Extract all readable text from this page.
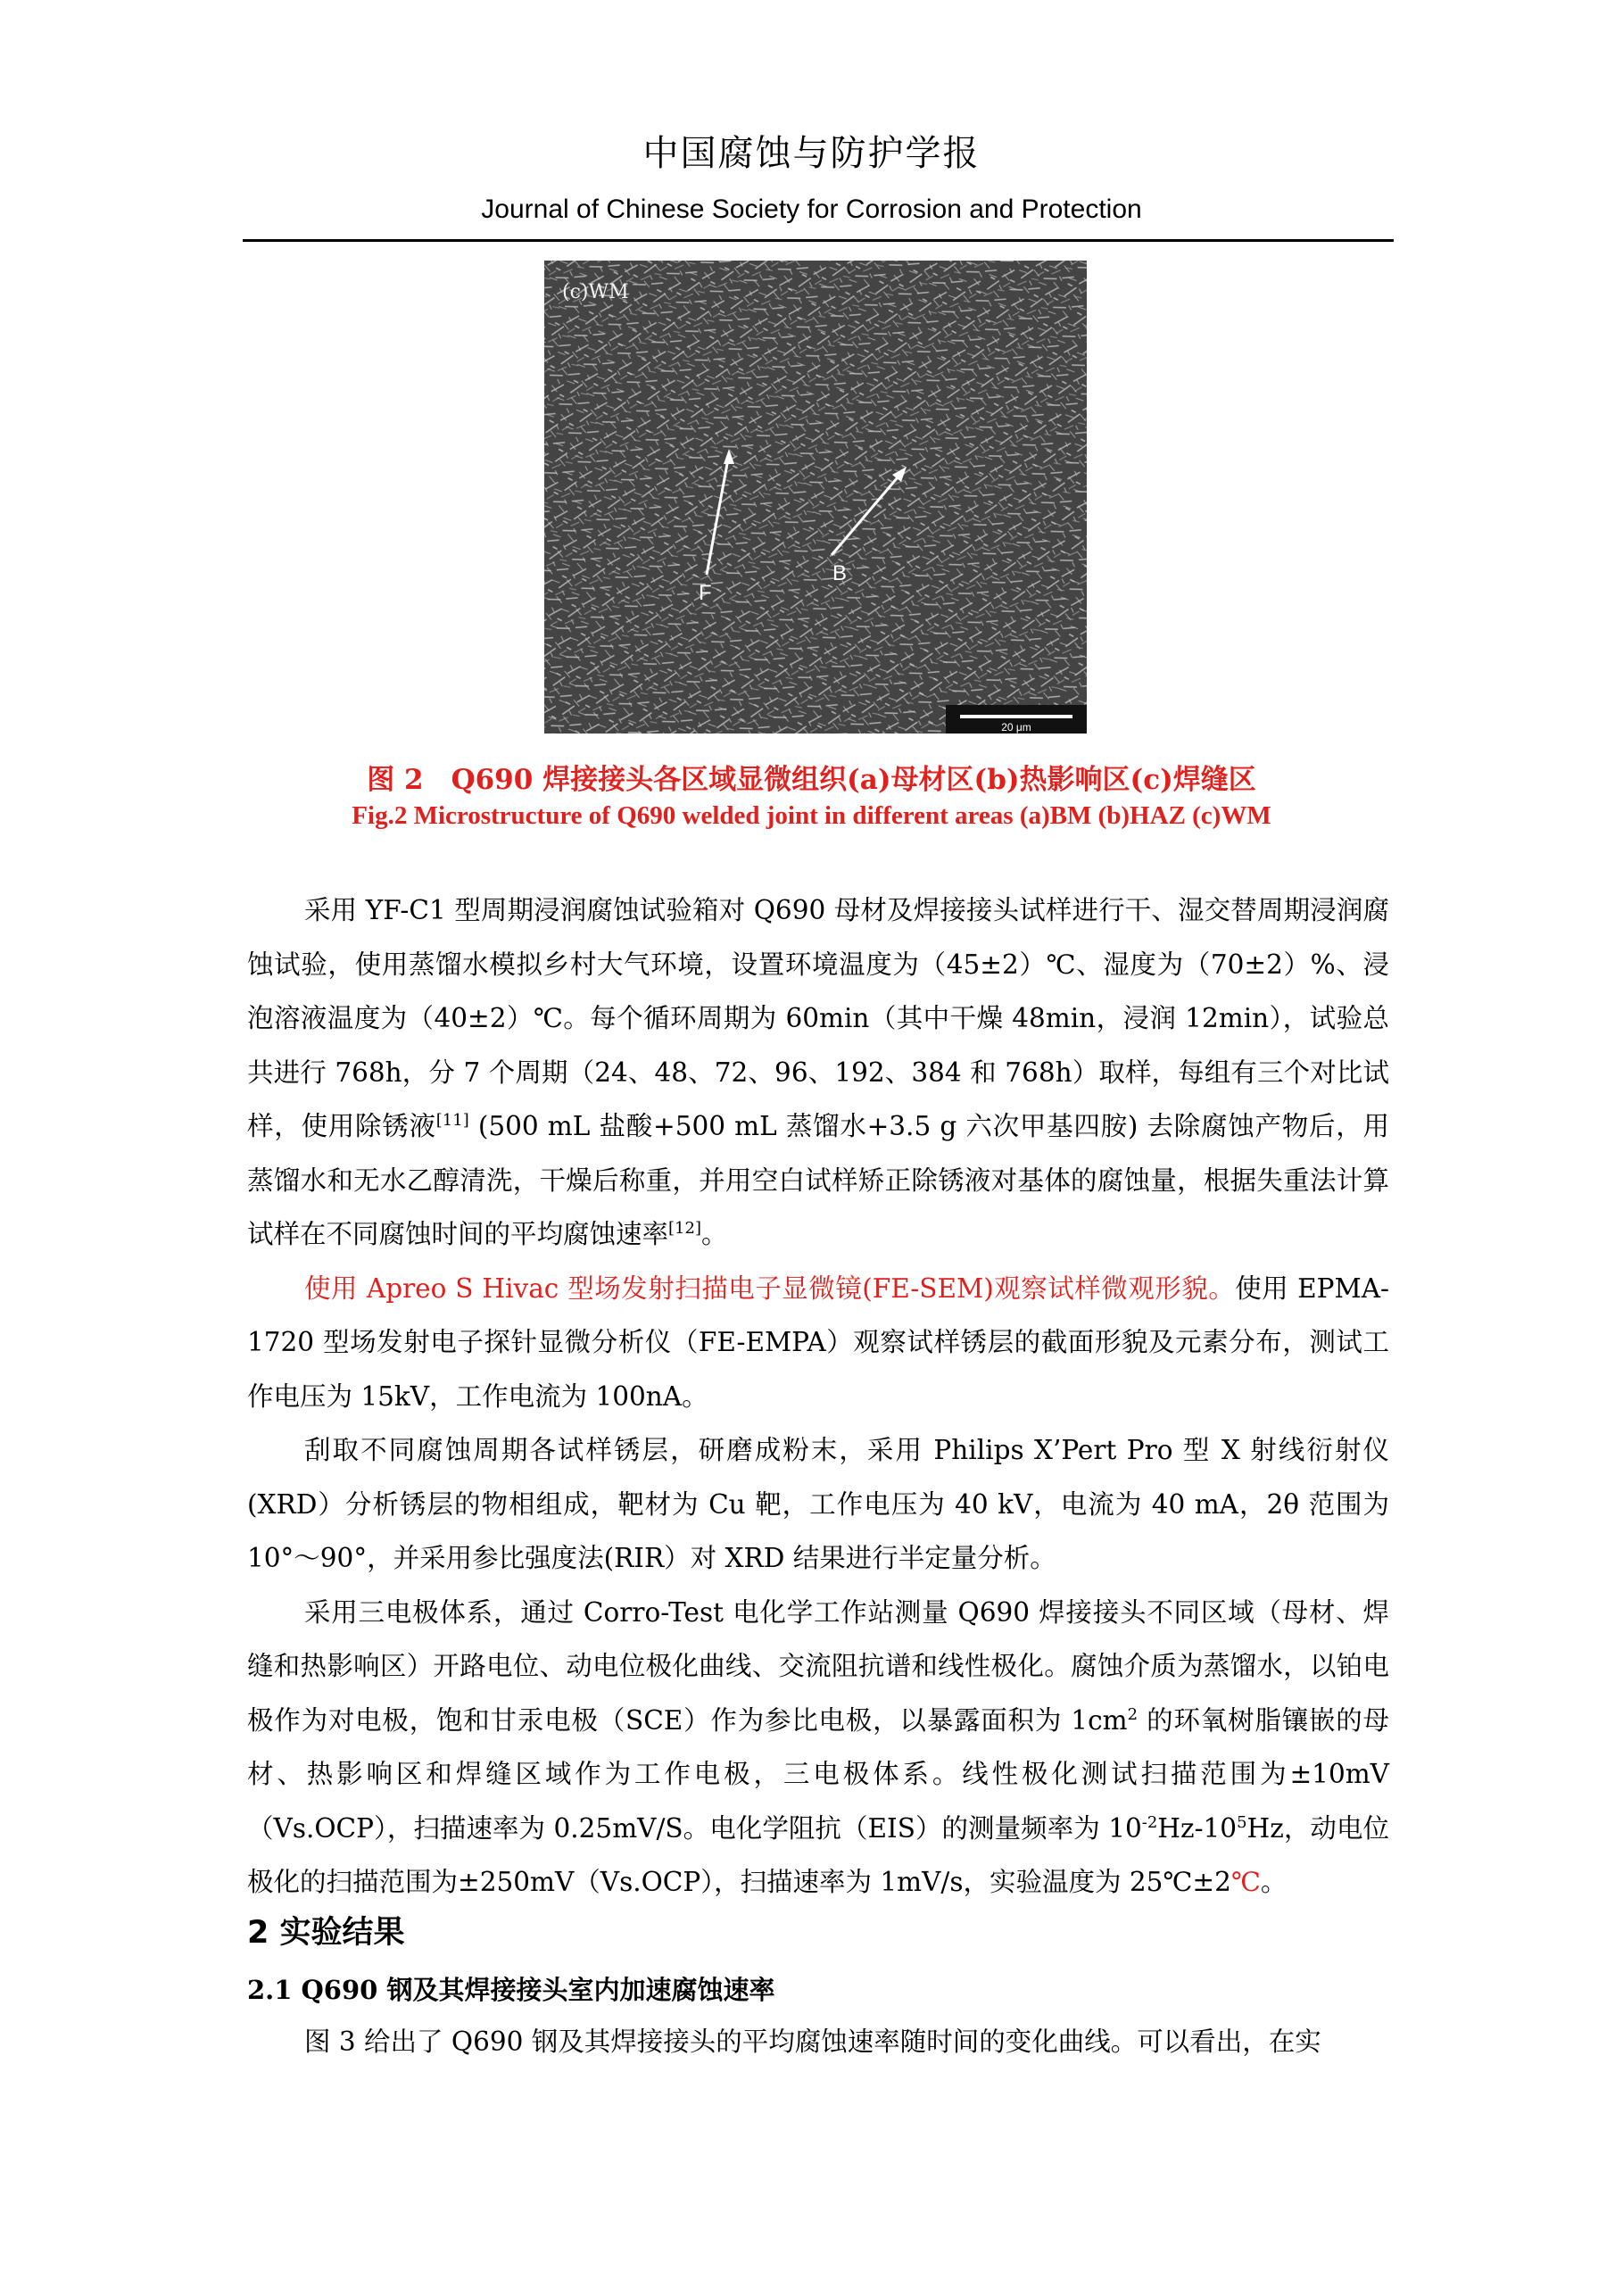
中国腐蚀与防护学报
Journal of Chinese Society for Corrosion and Protection
(c)WM
F
B
20 μm
图 2　Q690 焊接接头各区域显微组织(a)母材区(b)热影响区(c)焊缝区
Fig.2 Microstructure of Q690 welded joint in different areas (a)BM (b)HAZ (c)WM

采用 YF-C1 型周期浸润腐蚀试验箱对 Q690 母材及焊接接头试样进行干、湿交替周期浸润腐蚀试验，使用蒸馏水模拟乡村大气环境，设置环境温度为（45±2）℃、湿度为（70±2）%、浸泡溶液温度为（40±2）℃。每个循环周期为 60min（其中干燥 48min，浸润 12min），试验总共进行 768h，分 7 个周期（24、48、72、96、192、384 和 768h）取样，每组有三个对比试样，使用除锈液[11] (500 mL 盐酸+500 mL 蒸馏水+3.5 g 六次甲基四胺) 去除腐蚀产物后，用蒸馏水和无水乙醇清洗，干燥后称重，并用空白试样矫正除锈液对基体的腐蚀量，根据失重法计算试样在不同腐蚀时间的平均腐蚀速率[12]。

使用 Apreo S Hivac 型场发射扫描电子显微镜(FE-SEM)观察试样微观形貌。使用 EPMA-1720 型场发射电子探针显微分析仪（FE-EMPA）观察试样锈层的截面形貌及元素分布，测试工作电压为 15kV，工作电流为 100nA。

刮取不同腐蚀周期各试样锈层，研磨成粉末，采用 Philips X’Pert Pro 型 X 射线衍射仪(XRD）分析锈层的物相组成，靶材为 Cu 靶，工作电压为 40 kV，电流为 40 mA，2θ 范围为 10°～90°，并采用参比强度法(RIR）对 XRD 结果进行半定量分析。

采用三电极体系，通过 Corro-Test 电化学工作站测量 Q690 焊接接头不同区域（母材、焊缝和热影响区）开路电位、动电位极化曲线、交流阻抗谱和线性极化。腐蚀介质为蒸馏水，以铂电极作为对电极，饱和甘汞电极（SCE）作为参比电极，以暴露面积为 $1cm^2$ 的环氧树脂镶嵌的母材、热影响区和焊缝区域作为工作电极，三电极体系。线性极化测试扫描范围为±10mV（Vs.OCP），扫描速率为 0.25mV/S。电化学阻抗（EIS）的测量频率为 $10^{-2}Hz-10^5Hz$，动电位极化的扫描范围为±250mV（Vs.OCP），扫描速率为 1mV/s，实验温度为 25℃±2℃。

2 实验结果
2.1 Q690 钢及其焊接接头室内加速腐蚀速率

图 3 给出了 Q690 钢及其焊接接头的平均腐蚀速率随时间的变化曲线。可以看出，在实
